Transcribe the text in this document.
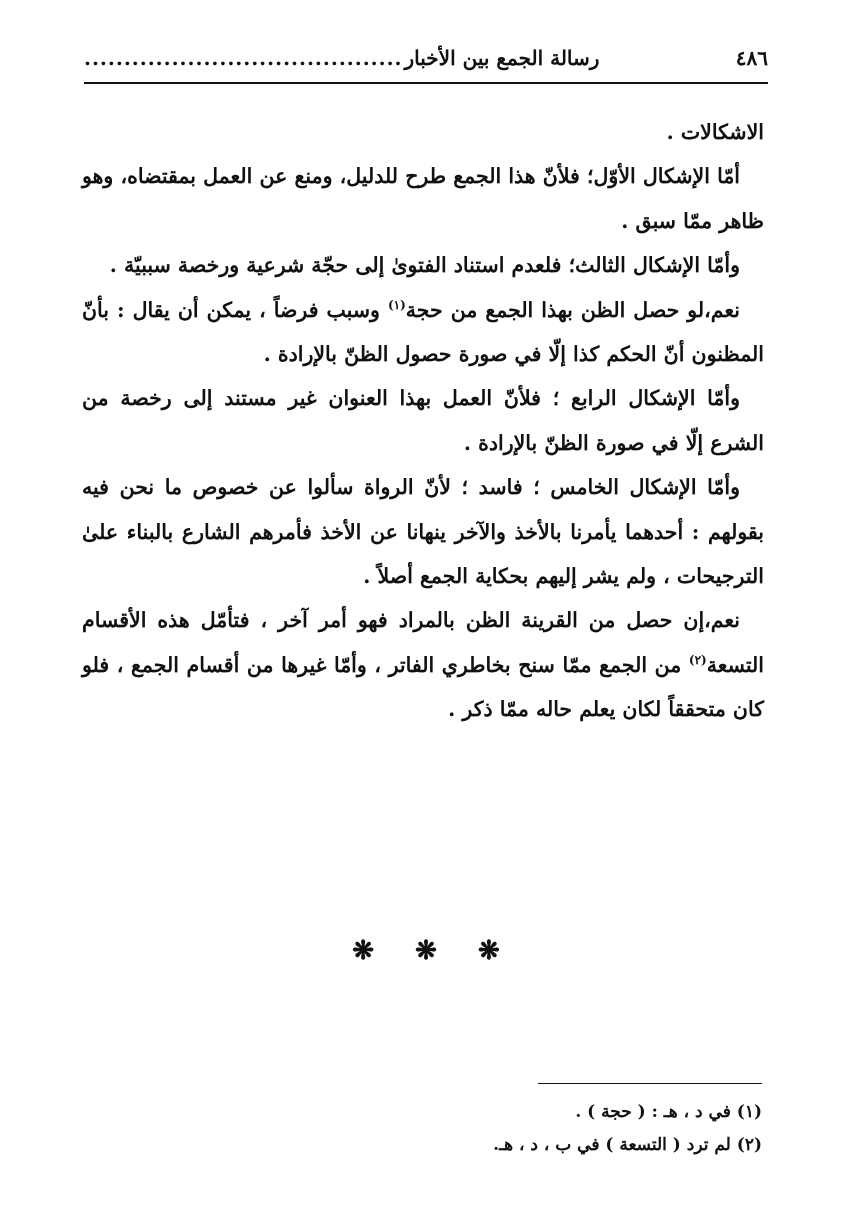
٤٨٦
رسالة الجمع بين الأخبار
........................................

الاشكالات .

أمّا الإشكال الأوّل؛ فلأنّ هذا الجمع طرح للدليل، ومنع عن العمل بمقتضاه، وهو ظاهر ممّا سبق .

وأمّا الإشكال الثالث؛ فلعدم استناد الفتوىٰ إلى حجّة شرعية ورخصة سببيّة .

نعم،لو حصل الظن بهذا الجمع من حجة$^{(١)}$ وسبب فرضاً ، يمكن أن يقال : بأنّ المظنون أنّ الحكم كذا إلّا في صورة حصول الظنّ بالإرادة .

وأمّا الإشكال الرابع ؛ فلأنّ العمل بهذا العنوان غير مستند إلى رخصة من الشرع إلّا في صورة الظنّ بالإرادة .

وأمّا الإشكال الخامس ؛ فاسد ؛ لأنّ الرواة سألوا عن خصوص ما نحن فيه بقولهم : أحدهما يأمرنا بالأخذ والآخر ينهانا عن الأخذ فأمرهم الشارع بالبناء علىٰ الترجيحات ، ولم يشر إليهم بحكاية الجمع أصلاً .

نعم،إن حصل من القرينة الظن بالمراد فهو أمر آخر ، فتأمّل هذه الأقسام التسعة$^{(٢)}$ من الجمع ممّا سنح بخاطري الفاتر ، وأمّا غيرها من أقسام الجمع ، فلو كان متحققاً لكان يعلم حاله ممّا ذكر .

❋ ❋ ❋

(١) في د ، هـ : ( حجة ) .

(٢) لم ترد ( التسعة ) في ب ، د ، هـ.
